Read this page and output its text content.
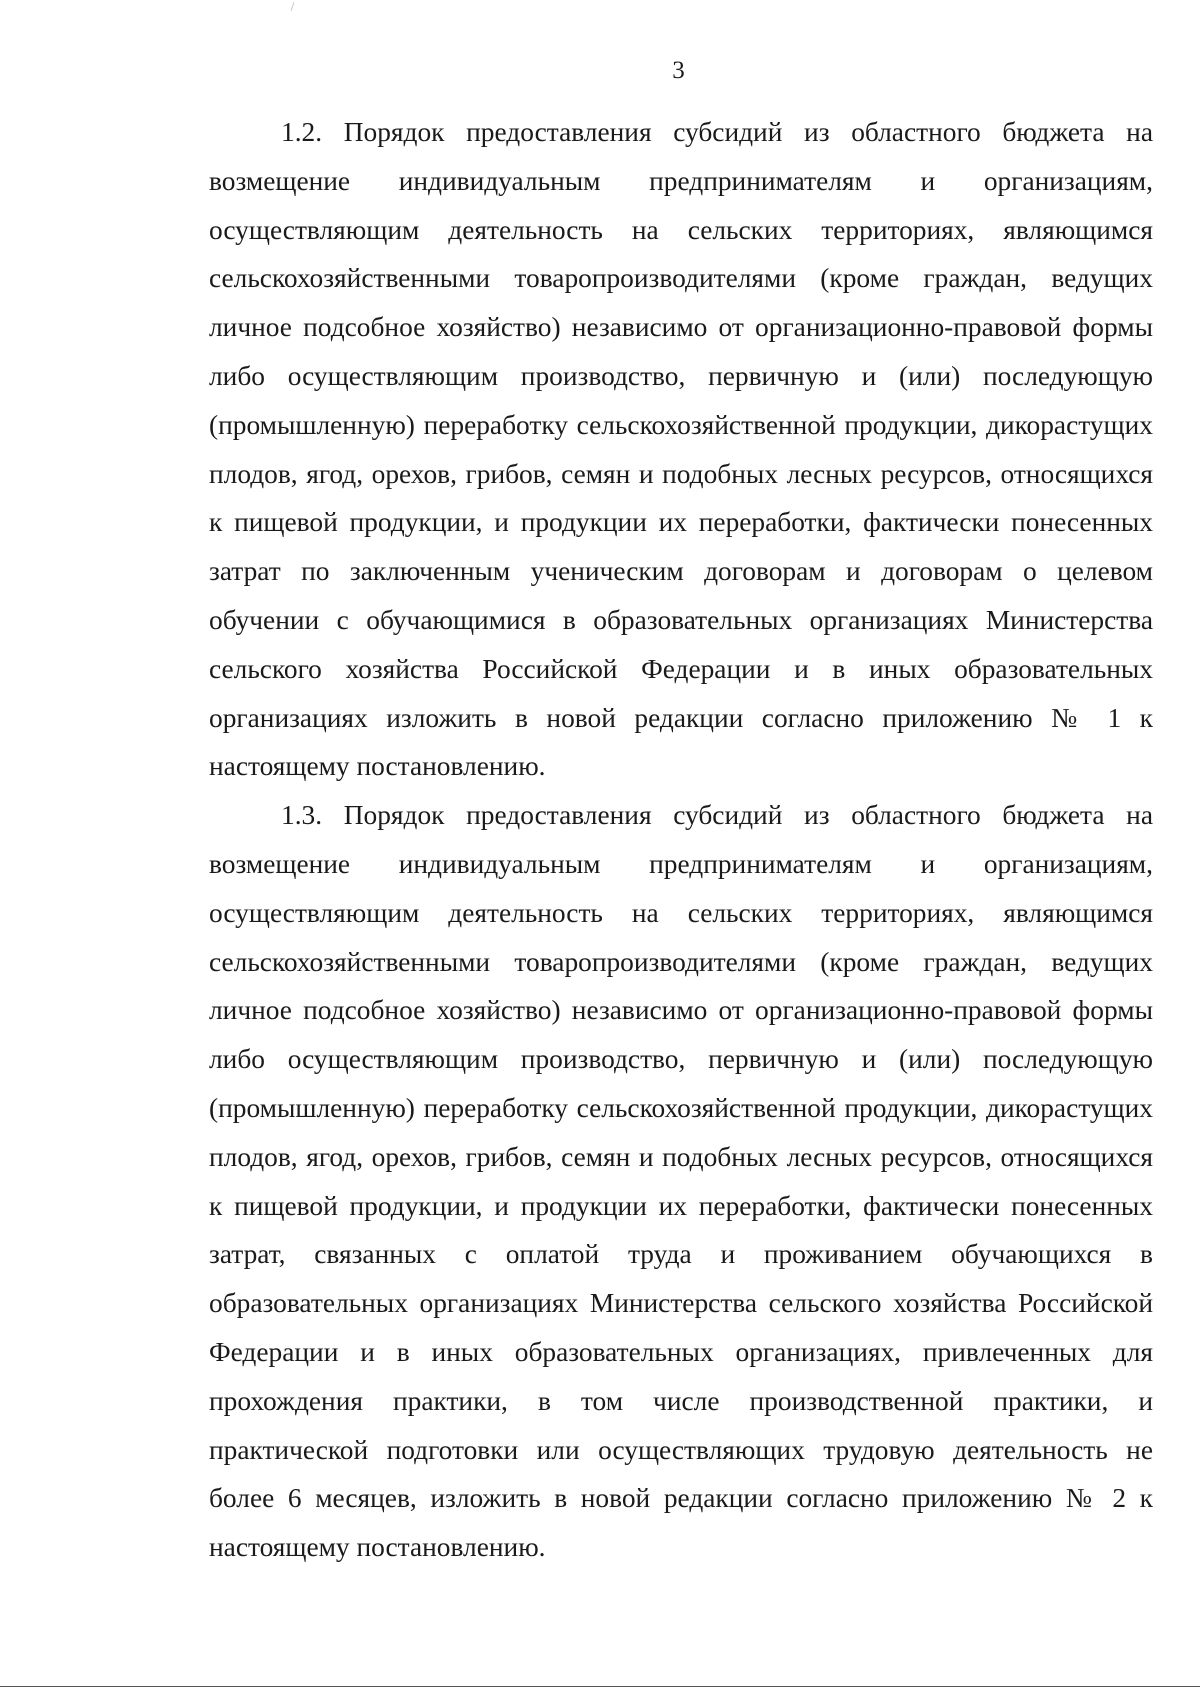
3

1.2. Порядок предоставления субсидий из областного бюджета на возмещение индивидуальным предпринимателям и организациям, осуществляющим деятельность на сельских территориях, являющимся сельскохозяйственными товаропроизводителями (кроме граждан, ведущих личное подсобное хозяйство) независимо от организационно-правовой формы либо осуществляющим производство, первичную и (или) последующую (промышленную) переработку сельскохозяйственной продукции, дикорастущих плодов, ягод, орехов, грибов, семян и подобных лесных ресурсов, относящихся к пищевой продукции, и продукции их переработки, фактически понесенных затрат по заключенным ученическим договорам и договорам о целевом обучении с обучающимися в образовательных организациях Министерства сельского хозяйства Российской Федерации и в иных образовательных организациях изложить в новой редакции согласно приложению № 1 к настоящему постановлению.

1.3. Порядок предоставления субсидий из областного бюджета на возмещение индивидуальным предпринимателям и организациям, осуществляющим деятельность на сельских территориях, являющимся сельскохозяйственными товаропроизводителями (кроме граждан, ведущих личное подсобное хозяйство) независимо от организационно-правовой формы либо осуществляющим производство, первичную и (или) последующую (промышленную) переработку сельскохозяйственной продукции, дикорастущих плодов, ягод, орехов, грибов, семян и подобных лесных ресурсов, относящихся к пищевой продукции, и продукции их переработки, фактически понесенных затрат, связанных с оплатой труда и проживанием обучающихся в образовательных организациях Министерства сельского хозяйства Российской Федерации и в иных образовательных организациях, привлеченных для прохождения практики, в том числе производственной практики, и практической подготовки или осуществляющих трудовую деятельность не более 6 месяцев, изложить в новой редакции согласно приложению № 2 к настоящему постановлению.
